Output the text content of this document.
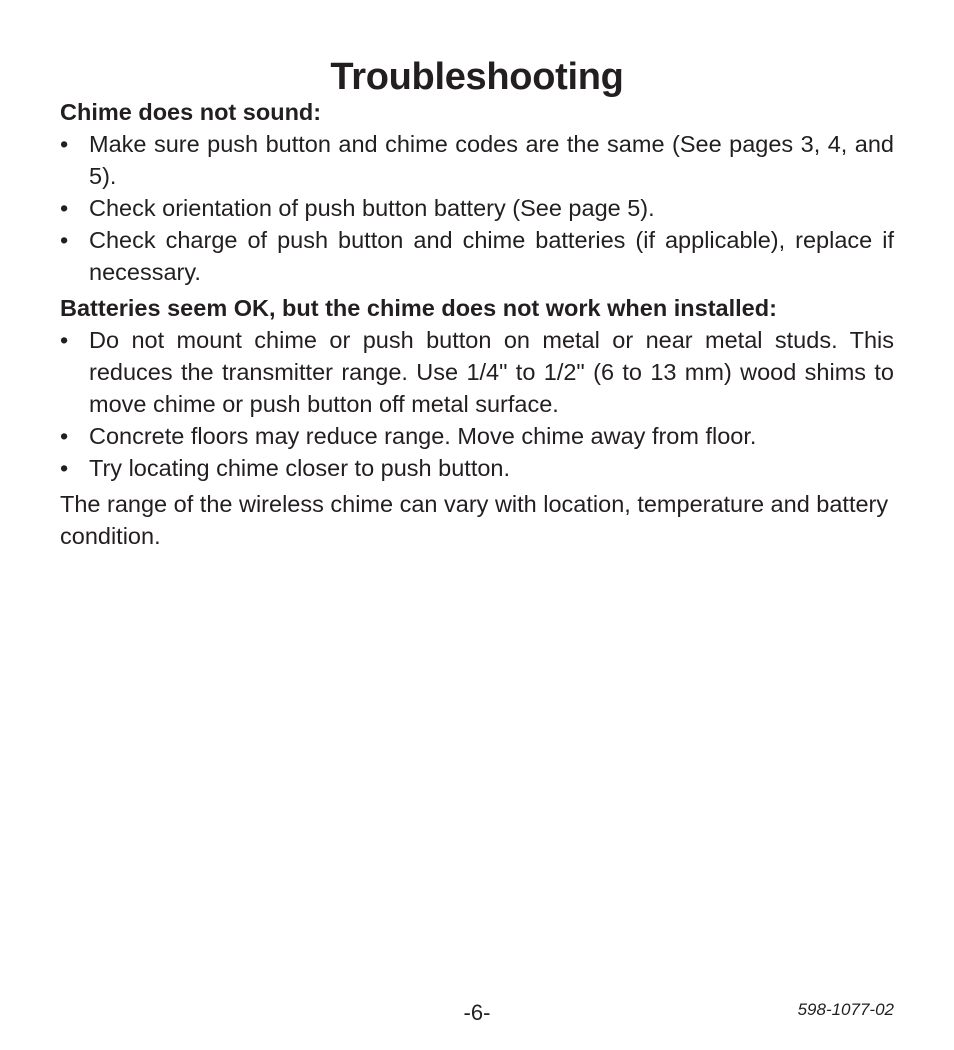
Troubleshooting

Chime does not sound:

• Make sure push button and chime codes are the same (See pages 3, 4, and 5).
• Check orientation of push button battery (See page 5).
• Check charge of push button and chime batteries (if applicable), replace if necessary.

Batteries seem OK, but the chime does not work when installed:

• Do not mount chime or push button on metal or near metal studs. This reduces the transmitter range. Use 1/4" to 1/2" (6 to 13 mm) wood shims to move chime or push button off metal surface.
• Concrete floors may reduce range. Move chime away from floor.
• Try locating chime closer to push button.

The range of the wireless chime can vary with location, temperature and battery condition.

-6-	598-1077-02
